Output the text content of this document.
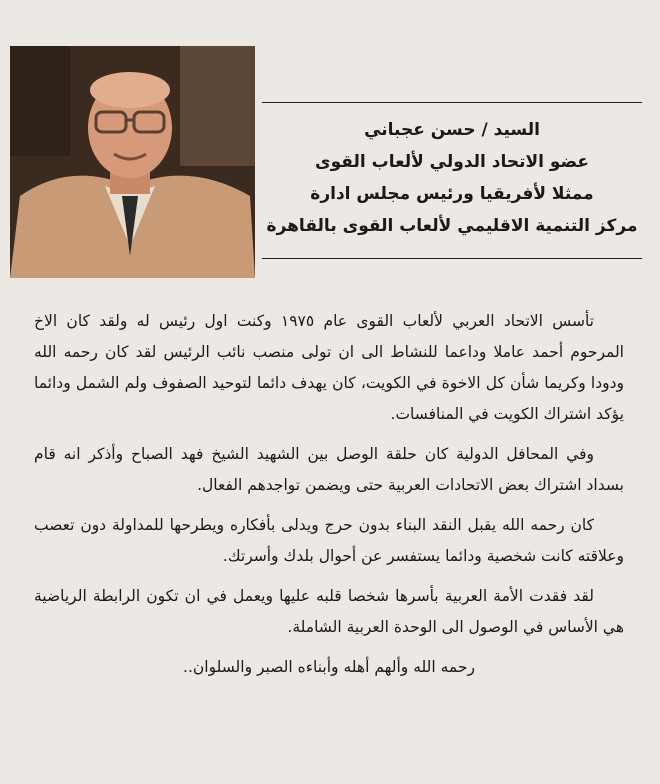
السيد / حسن عجباني
عضو الاتحاد الدولي لألعاب القوى
ممثلا لأفريقيا ورئيس مجلس ادارة
مركز التنمية الاقليمي لألعاب القوى بالقاهرة

تأسس الاتحاد العربي لألعاب القوى عام ١٩٧٥ وكنت اول رئيس له ولقد كان الاخ المرحوم أحمد عاملا وداعما للنشاط الى ان تولى منصب نائب الرئيس لقد كان رحمه الله ودودا وكريما شأن كل الاخوة في الكويت، كان يهدف دائما لتوحيد الصفوف ولم الشمل ودائما يؤكد اشتراك الكويت في المنافسات.

وفي المحافل الدولية كان حلقة الوصل بين الشهيد الشيخ فهد الصباح وأذكر انه قام بسداد اشتراك بعض الاتحادات العربية حتى ويضمن تواجدهم الفعال.

كان رحمه الله يقبل النقد البناء بدون حرج ويدلى بأفكاره ويطرحها للمداولة دون تعصب وعلاقته كانت شخصية ودائما يستفسر عن أحوال بلدك وأسرتك.

لقد فقدت الأمة العربية بأسرها شخصا قلبه عليها ويعمل في ان تكون الرابطة الرياضية هي الأساس في الوصول الى الوحدة العربية الشاملة.

رحمه الله وألهم أهله وأبناءه الصبر والسلوان..
